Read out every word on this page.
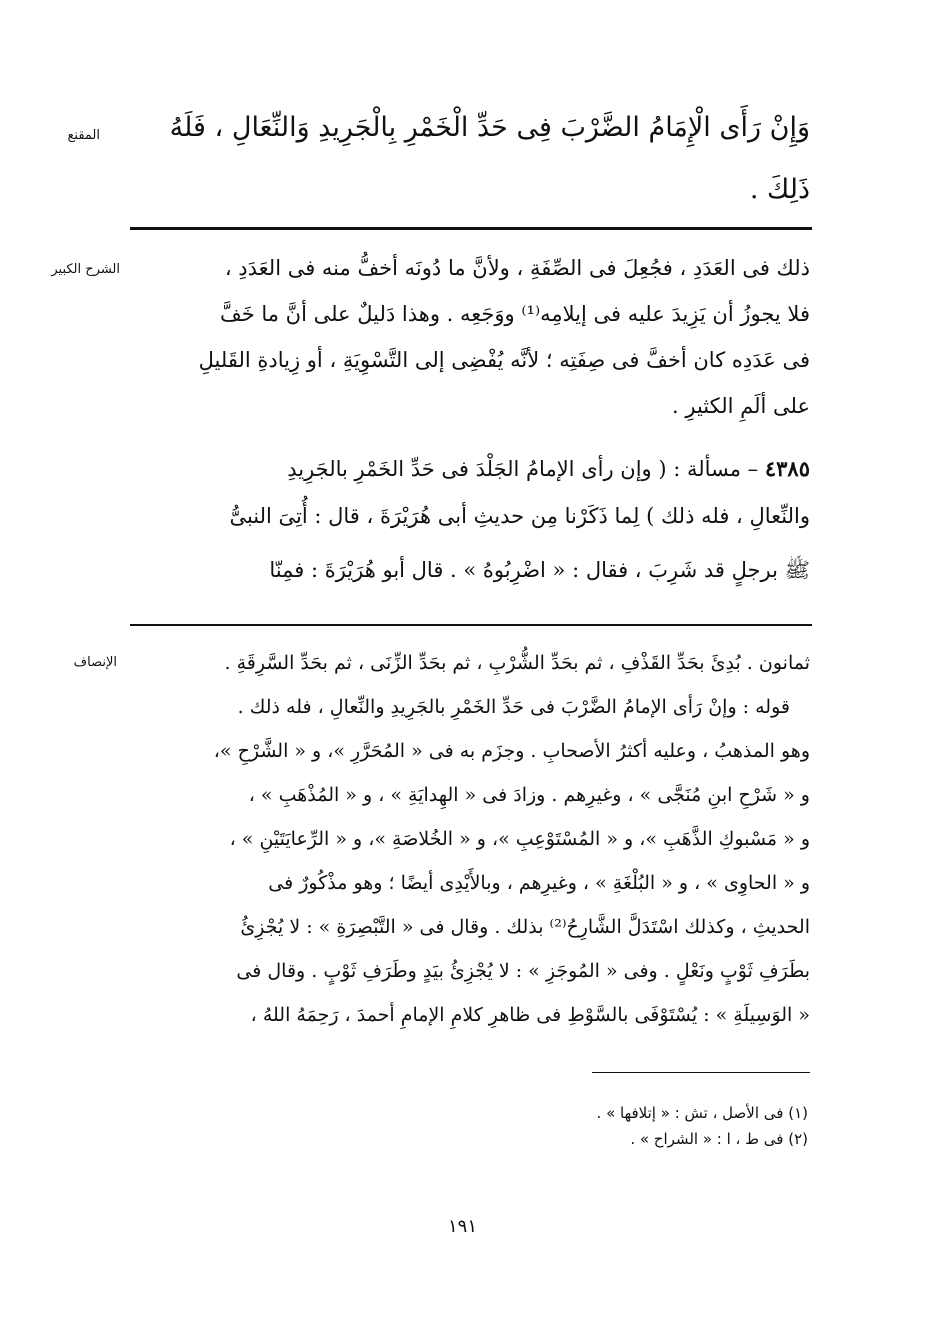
المقنع	وَإِنْ رَأَى الْإِمَامُ الضَّرْبَ فِى حَدِّ الْخَمْرِ بِالْجَرِيدِ وَالنِّعَالِ ، فَلَهُ
ذَلِكَ .
الشرح الكبير	ذلك فى العَدَدِ ، فجُعِلَ فى الصِّفَةِ ، ولأنَّ ما دُونَه أخفُّ منه فى العَدَدِ ،
فلا يجوزُ أن يَزِيدَ عليه فى إيلامِه⁽¹⁾ ووَجَعِه . وهذا دَليلٌ على أنَّ ما خَفَّ
فى عَدَدِه كان أخفَّ فى صِفَتِه ؛ لأنَّه يُفْضِى إلى التَّسْوِيَةِ ، أو زِيادةِ القَليلِ
على ألَمِ الكثيرِ .
٤٣٨٥ – مسألة : ( وإن رأى الإمامُ الجَلْدَ فى حَدِّ الخَمْرِ بالجَرِيدِ
والنِّعالِ ، فله ذلك ) لِما ذَكَرْنا مِن حديثِ أبى هُرَيْرَةَ ، قال : أُتِىَ النبىُّ
ﷺ برجلٍ قد شَرِبَ ، فقال : « اضْرِبُوهُ » . قال أبو هُرَيْرَةَ : فمِنّا
الإنصاف	ثمانون . بُدِئَ بحَدِّ القَذْفِ ، ثم بحَدِّ الشُّرْبِ ، ثم بحَدِّ الزِّنَى ، ثم بحَدِّ السَّرِقَةِ .
قوله : وإنْ رَأى الإمامُ الضَّرْبَ فى حَدِّ الخَمْرِ بالجَرِيدِ والنِّعالِ ، فله ذلك .
وهو المذهبُ ، وعليه أكثرُ الأصحابِ . وجزَم به فى « المُحَرَّرِ »، و « الشَّرْحِ »،
و « شَرْحِ ابنِ مُنَجَّى » ، وغيرِهم . وزادَ فى « الهِدايَةِ » ، و « المُذْهَبِ » ،
و « مَسْبوكِ الذَّهَبِ »، و « المُسْتَوْعِبِ »، و « الخُلاصَةِ »، و « الرِّعايَتَيْنِ » ،
و « الحاوِى » ، و « البُلْغَةِ » ، وغيرِهم ، وبالأَيْدِى أيضًا ؛ وهو مذْكُورٌ فى
الحديثِ ، وكذلك اسْتَدَلَّ الشَّارِحُ⁽²⁾ بذلك . وقال فى « التَّبْصِرَةِ » : لا يُجْزِئُ
بطَرَفِ ثَوْبٍ ونَعْلٍ . وفى « المُوجَزِ » : لا يُجْزِئُ بيَدٍ وطَرَفِ ثَوْبٍ . وقال فى
« الوَسِيلَةِ » : يُسْتَوْفَى بالسَّوْطِ فى ظاهرِ كلامِ الإمامِ أحمدَ ، رَحِمَهُ اللهُ ،
(١) فى الأصل ، تش : « إتلافها » .
(٢) فى ط ، ا : « الشراح » .
١٩١
